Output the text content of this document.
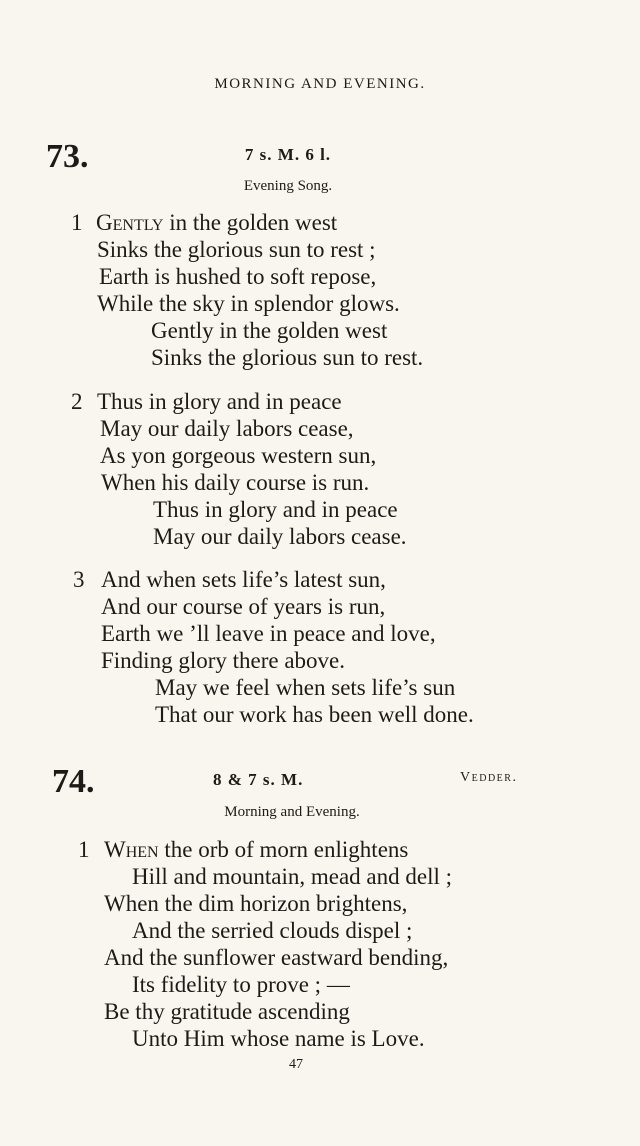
MORNING AND EVENING.
73.	7 s. M. 6 l.
Evening Song.
1 Gently in the golden west
Sinks the glorious sun to rest ;
Earth is hushed to soft repose,
While the sky in splendor glows.
Gently in the golden west
Sinks the glorious sun to rest.
2 Thus in glory and in peace
May our daily labors cease,
As yon gorgeous western sun,
When his daily course is run.
Thus in glory and in peace
May our daily labors cease.
3 And when sets life’s latest sun,
And our course of years is run,
Earth we ’ll leave in peace and love,
Finding glory there above.
May we feel when sets life’s sun
That our work has been well done.
74.	8 & 7 s. M.	Vedder.
Morning and Evening.
1 When the orb of morn enlightens
Hill and mountain, mead and dell ;
When the dim horizon brightens,
And the serried clouds dispel ;
And the sunflower eastward bending,
Its fidelity to prove ; —
Be thy gratitude ascending
Unto Him whose name is Love.
47
